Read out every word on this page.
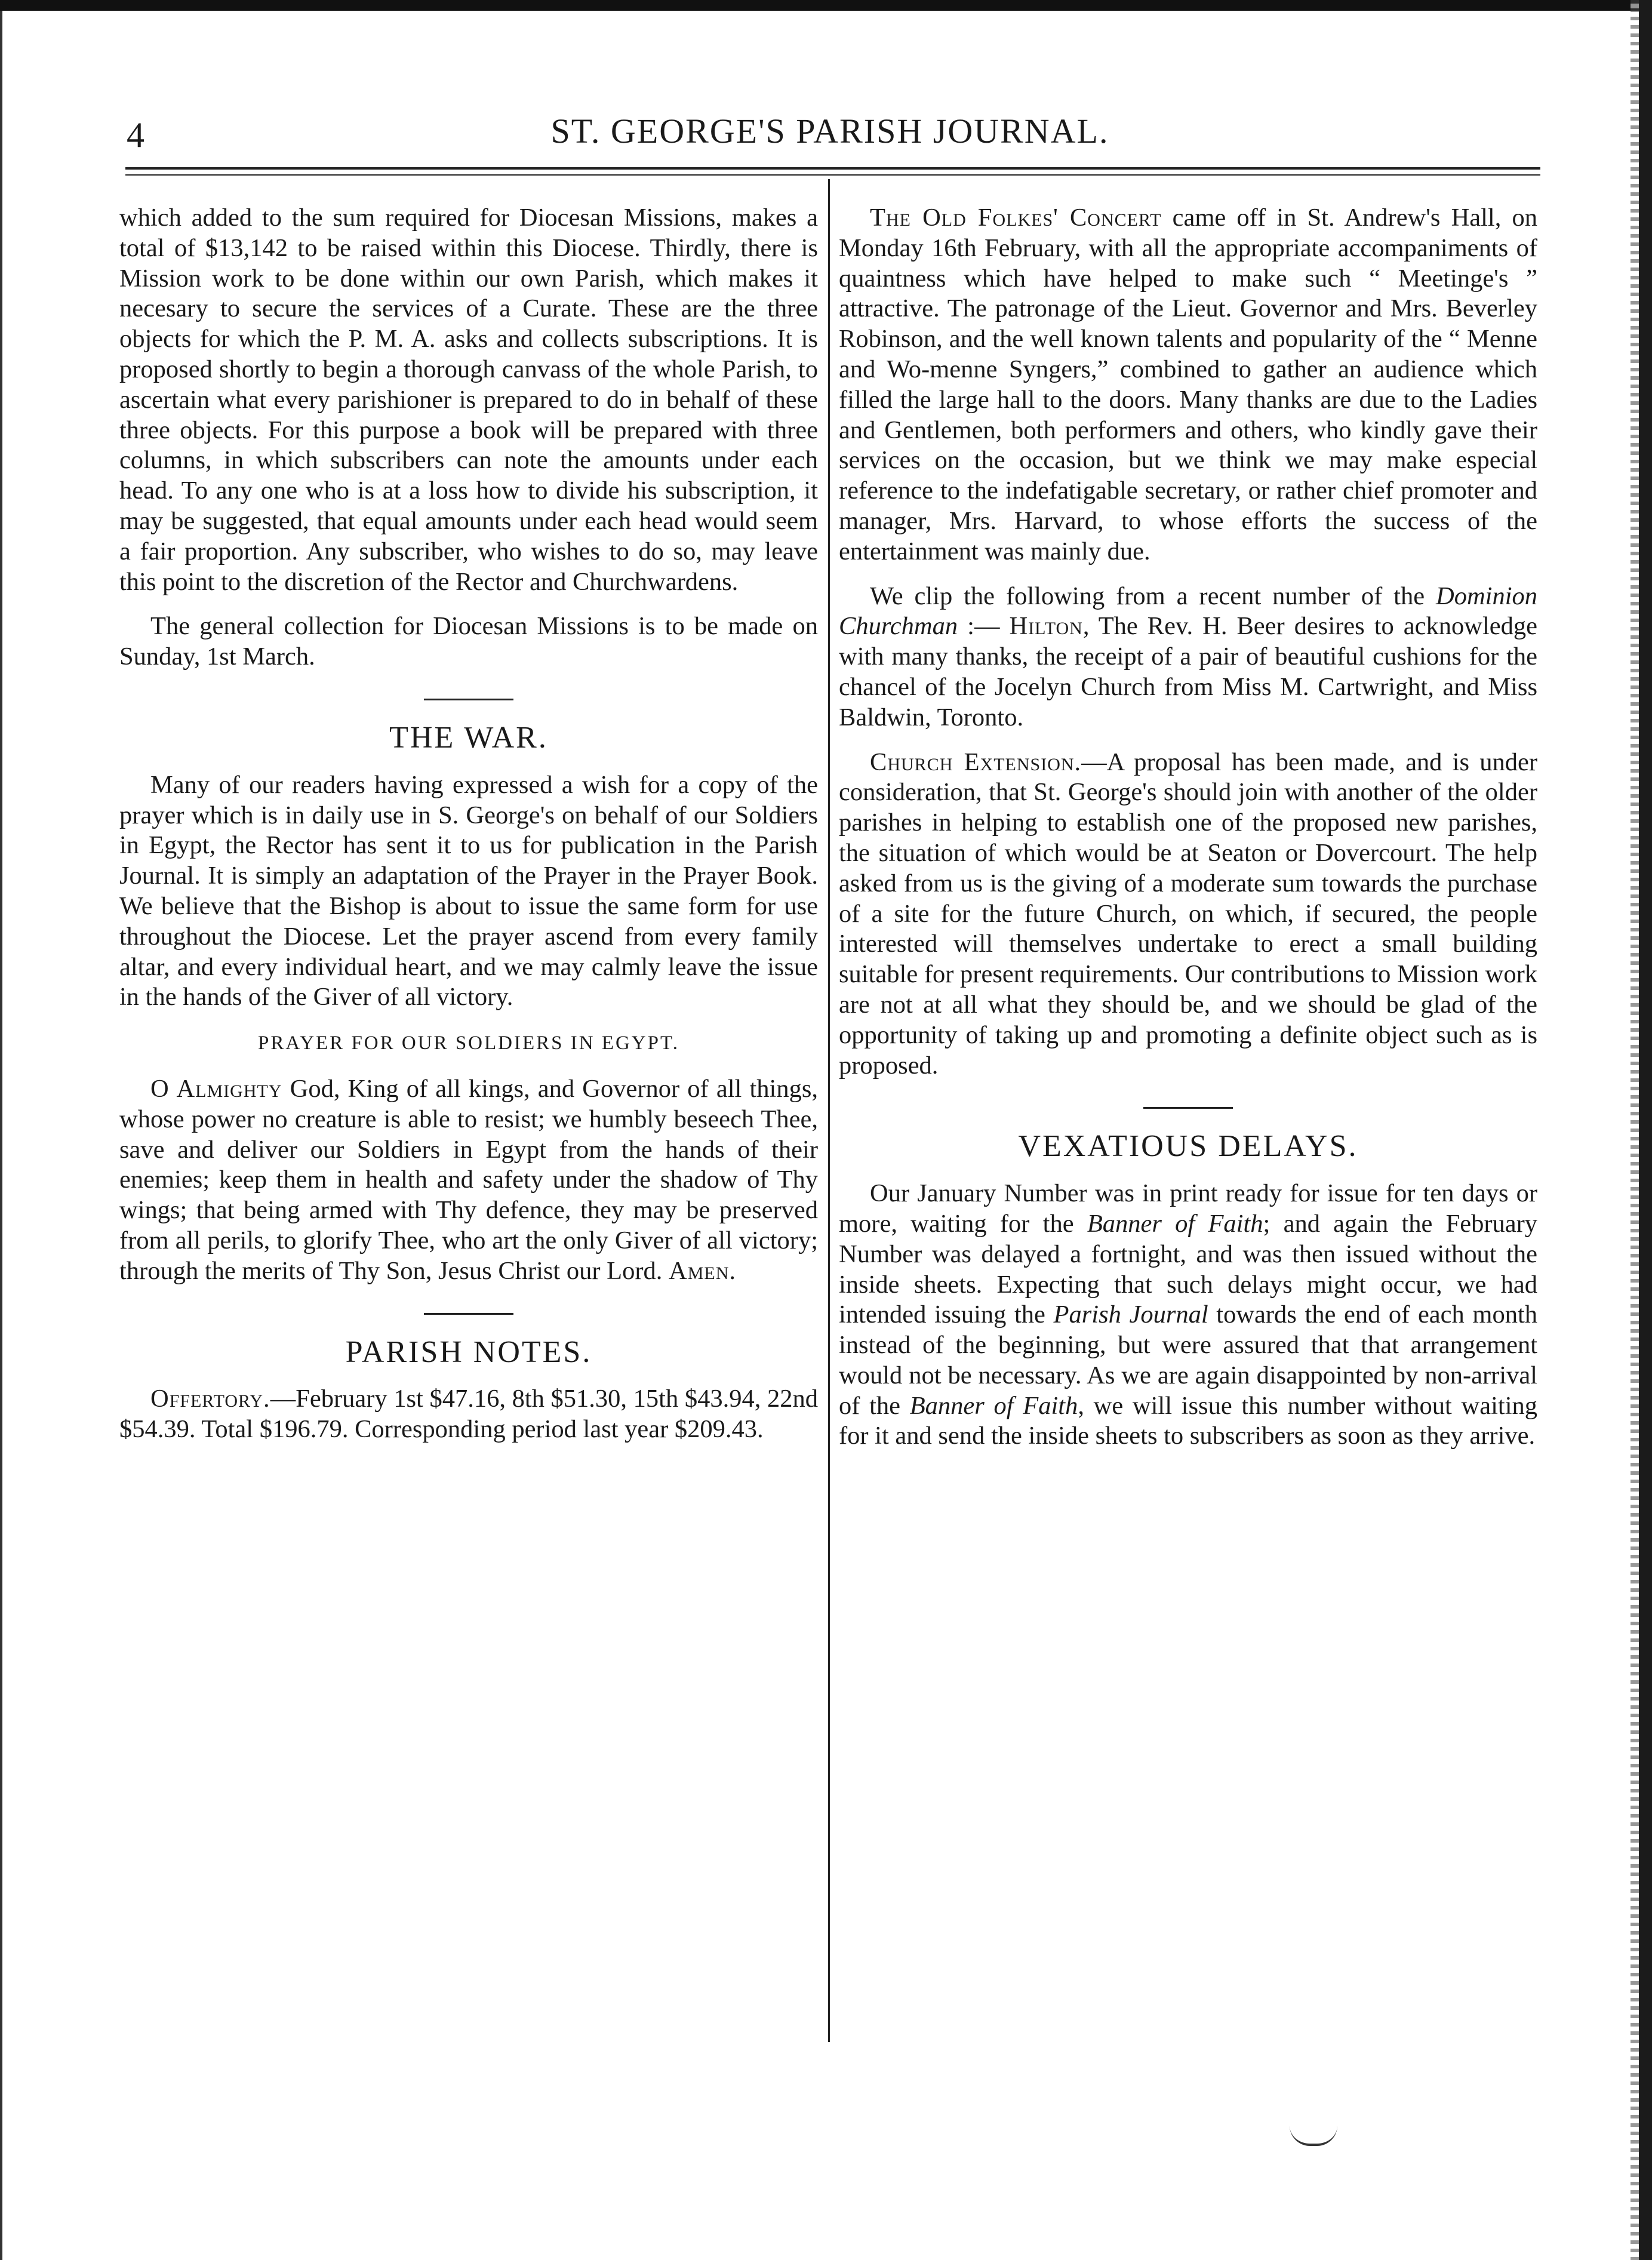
4	ST. GEORGE'S PARISH JOURNAL.

which added to the sum required for Diocesan Missions, makes a total of $13,142 to be raised within this Diocese. Thirdly, there is Mission work to be done within our own Parish, which makes it necesary to secure the services of a Curate. These are the three objects for which the P. M. A. asks and collects subscriptions. It is proposed shortly to begin a thorough canvass of the whole Parish, to ascertain what every parishioner is prepared to do in behalf of these three objects. For this purpose a book will be prepared with three columns, in which subscribers can note the amounts under each head. To any one who is at a loss how to divide his subscription, it may be suggested, that equal amounts under each head would seem a fair proportion. Any subscriber, who wishes to do so, may leave this point to the discretion of the Rector and Churchwardens.

The general collection for Diocesan Missions is to be made on Sunday, 1st March.

THE WAR.

Many of our readers having expressed a wish for a copy of the prayer which is in daily use in S. George's on behalf of our Soldiers in Egypt, the Rector has sent it to us for publication in the Parish Journal. It is simply an adaptation of the Prayer in the Prayer Book. We believe that the Bishop is about to issue the same form for use throughout the Diocese. Let the prayer ascend from every family altar, and every individual heart, and we may calmly leave the issue in the hands of the Giver of all victory.

PRAYER FOR OUR SOLDIERS IN EGYPT.

O Almighty God, King of all kings, and Governor of all things, whose power no creature is able to resist; we humbly beseech Thee, save and deliver our Soldiers in Egypt from the hands of their enemies; keep them in health and safety under the shadow of Thy wings; that being armed with Thy defence, they may be preserved from all perils, to glorify Thee, who art the only Giver of all victory; through the merits of Thy Son, Jesus Christ our Lord. Amen.

PARISH NOTES.

Offertory.—February 1st $47.16, 8th $51.30, 15th $43.94, 22nd $54.39. Total $196.79. Corresponding period last year $209.43.

The Old Folkes' Concert came off in St. Andrew's Hall, on Monday 16th February, with all the appropriate accompaniments of quaintness which have helped to make such “ Meetinge's ” attractive. The patronage of the Lieut. Governor and Mrs. Beverley Robinson, and the well known talents and popularity of the “ Menne and Wo-menne Syngers,” combined to gather an audience which filled the large hall to the doors. Many thanks are due to the Ladies and Gentlemen, both performers and others, who kindly gave their services on the occasion, but we think we may make especial reference to the indefatigable secretary, or rather chief promoter and manager, Mrs. Harvard, to whose efforts the success of the entertainment was mainly due.

We clip the following from a recent number of the Dominion Churchman :— Hilton, The Rev. H. Beer desires to acknowledge with many thanks, the receipt of a pair of beautiful cushions for the chancel of the Jocelyn Church from Miss M. Cartwright, and Miss Baldwin, Toronto.

Church Extension.—A proposal has been made, and is under consideration, that St. George's should join with another of the older parishes in helping to establish one of the proposed new parishes, the situation of which would be at Seaton or Dovercourt. The help asked from us is the giving of a moderate sum towards the purchase of a site for the future Church, on which, if secured, the people interested will themselves undertake to erect a small building suitable for present requirements. Our contributions to Mission work are not at all what they should be, and we should be glad of the opportunity of taking up and promoting a definite object such as is proposed.

VEXATIOUS DELAYS.

Our January Number was in print ready for issue for ten days or more, waiting for the Banner of Faith; and again the February Number was delayed a fortnight, and was then issued without the inside sheets. Expecting that such delays might occur, we had intended issuing the Parish Journal towards the end of each month instead of the beginning, but were assured that that arrangement would not be necessary. As we are again disappointed by non-arrival of the Banner of Faith, we will issue this number without waiting for it and send the inside sheets to subscribers as soon as they arrive.
